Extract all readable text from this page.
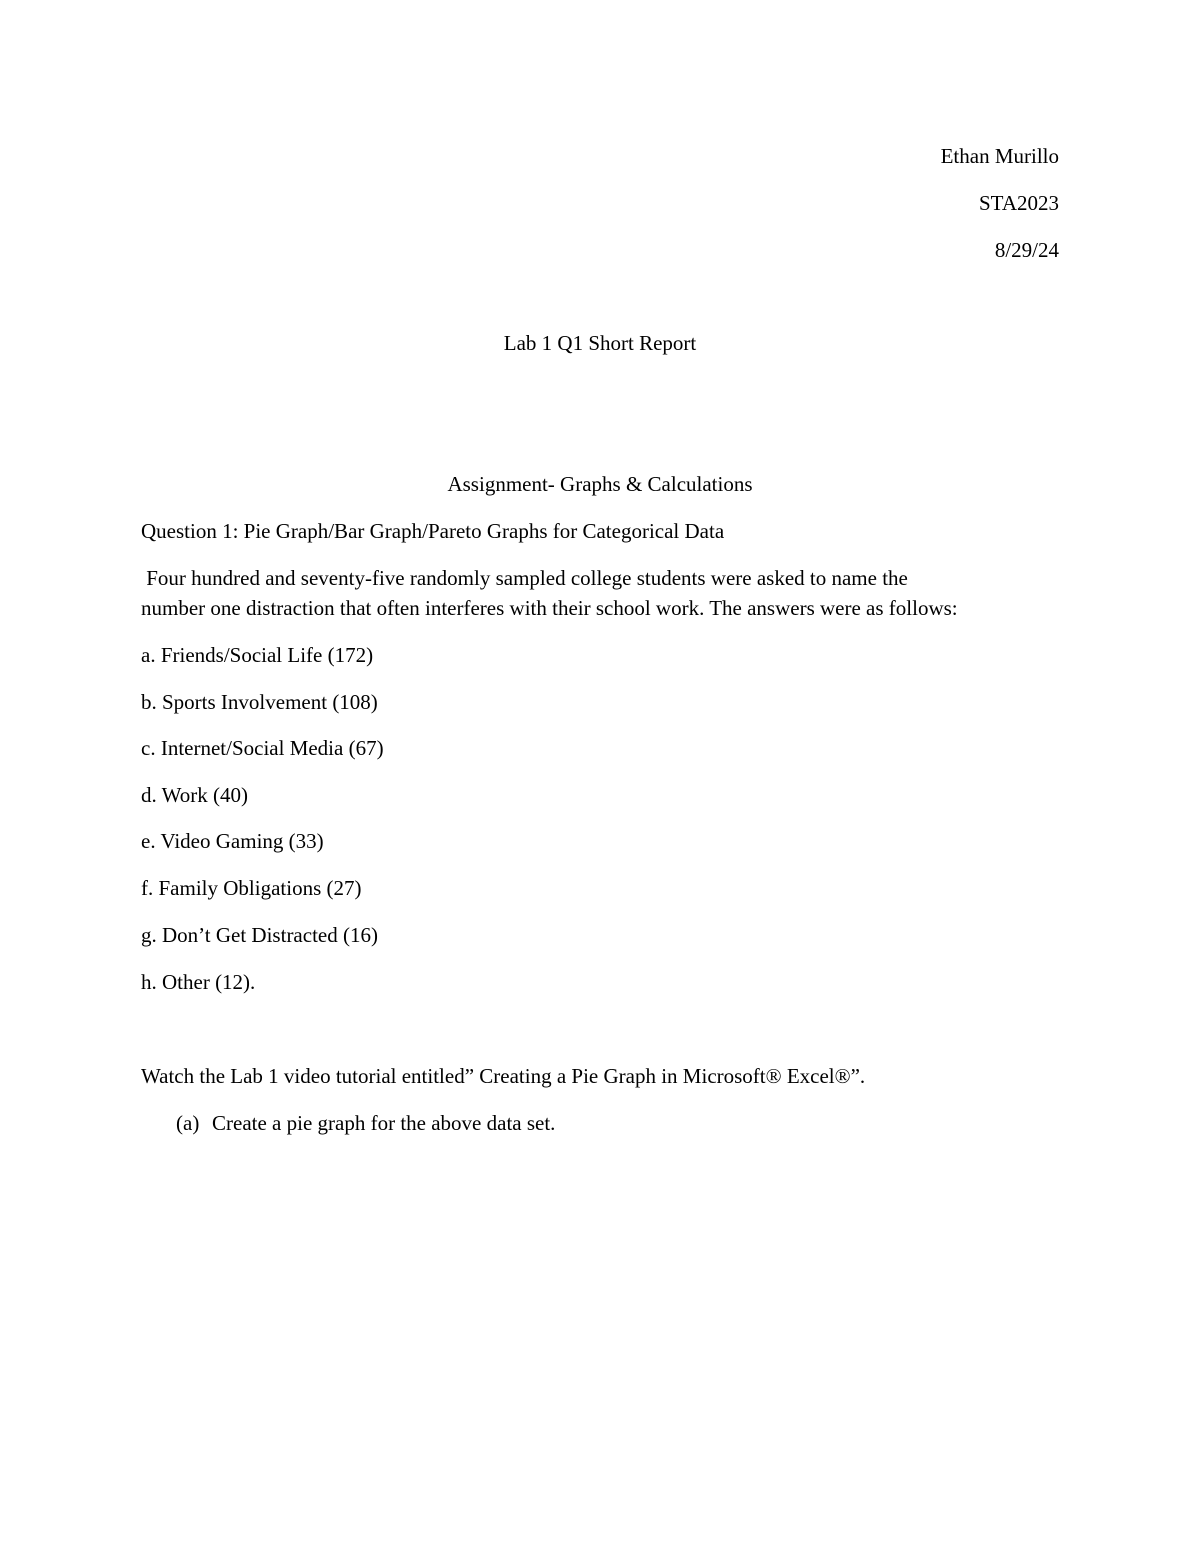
Ethan Murillo

STA2023

8/29/24

Lab 1 Q1 Short Report

Assignment- Graphs & Calculations

Question 1: Pie Graph/Bar Graph/Pareto Graphs for Categorical Data

Four hundred and seventy-five randomly sampled college students were asked to name the

number one distraction that often interferes with their school work. The answers were as follows:

a. Friends/Social Life (172)

b. Sports Involvement (108)

c. Internet/Social Media (67)

d. Work (40)

e. Video Gaming (33)

f. Family Obligations (27)

g. Don’t Get Distracted (16)

h. Other (12).

Watch the Lab 1 video tutorial entitled” Creating a Pie Graph in Microsoft® Excel®”.

(a) Create a pie graph for the above data set.
